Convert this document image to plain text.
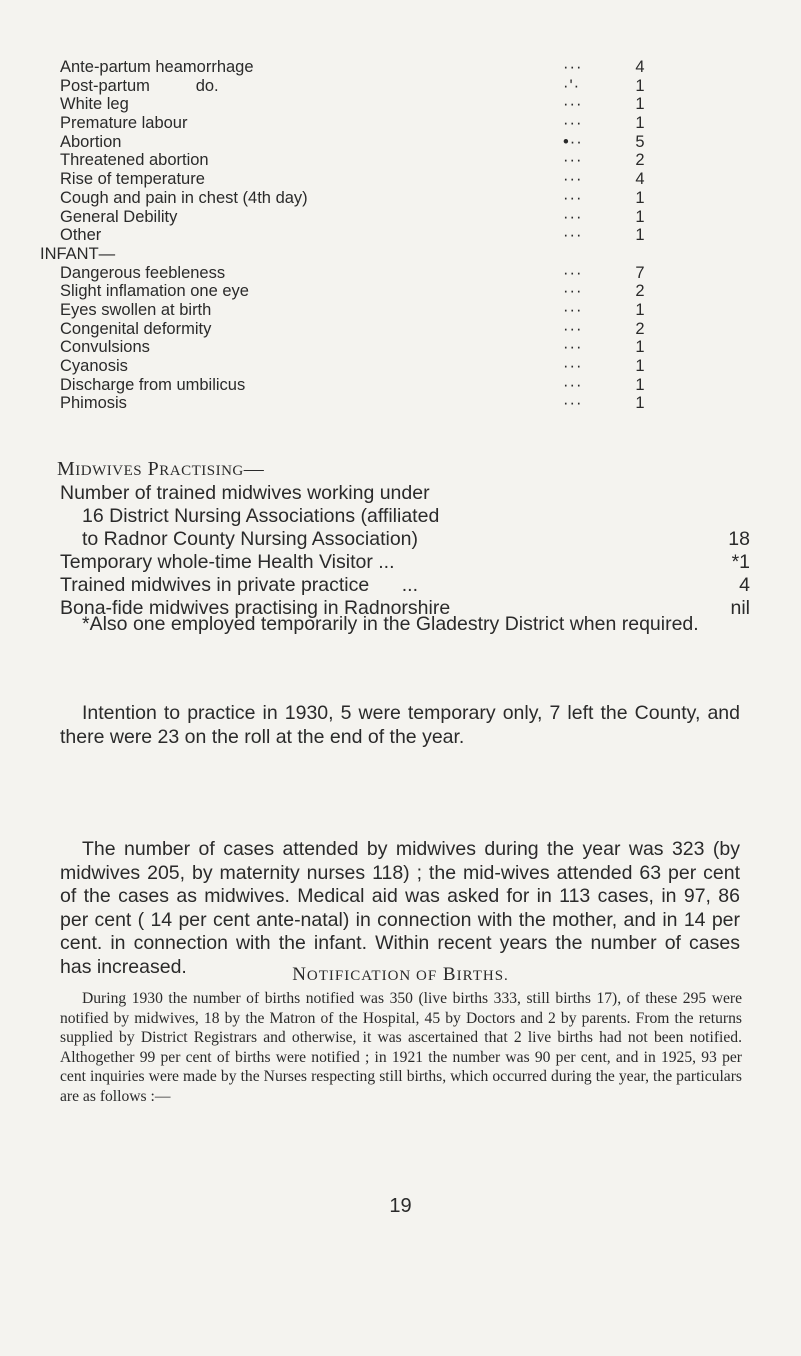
Ante-partum heamorrhage	···	4
Post-partum          do.	·'·	1
White leg	···	1
Premature labour	···	1
Abortion	•··	5
Threatened abortion	···	2
Rise of temperature	···	4
Cough and pain in chest (4th day)	···	1
General Debility	···	1
Other	···	1
INFANT—
Dangerous feebleness	···	7
Slight inflamation one eye	···	2
Eyes swollen at birth	···	1
Congenital deformity	···	2
Convulsions	···	1
Cyanosis	···	1
Discharge from umbilicus	···	1
Phimosis	···	1
MIDWIVES PRACTISING—
Number of trained midwives working under
16 District Nursing Associations (affiliated
to Radnor County Nursing Association)	18
Temporary whole-time Health Visitor ...	*1
Trained midwives in private practice      ...	4
Bona-fide midwives practising in Radnorshire	nil

*Also one employed temporarily in the Gladestry District when required.

Intention to practice in 1930, 5 were temporary only, 7 left the County, and there were 23 on the roll at the end of the year.

The number of cases attended by midwives during the year was 323 (by midwives 205, by maternity nurses 118) ; the mid-wives attended 63 per cent of the cases as midwives. Medical aid was asked for in 113 cases, in 97, 86 per cent ( 14 per cent ante-natal) in connection with the mother, and in 14 per cent. in connection with the infant. Within recent years the number of cases has increased.	NOTIFICATION OF BIRTHS.

During 1930 the number of births notified was 350 (live births 333, still births 17), of these 295 were notified by midwives, 18 by the Matron of the Hospital, 45 by Doctors and 2 by parents. From the returns supplied by District Registrars and otherwise, it was ascertained that 2 live births had not been notified. Althogether 99 per cent of births were notified ; in 1921 the number was 90 per cent, and in 1925, 93 per cent inquiries were made by the Nurses respecting still births, which occurred during the year, the particulars are as follows :—

19
